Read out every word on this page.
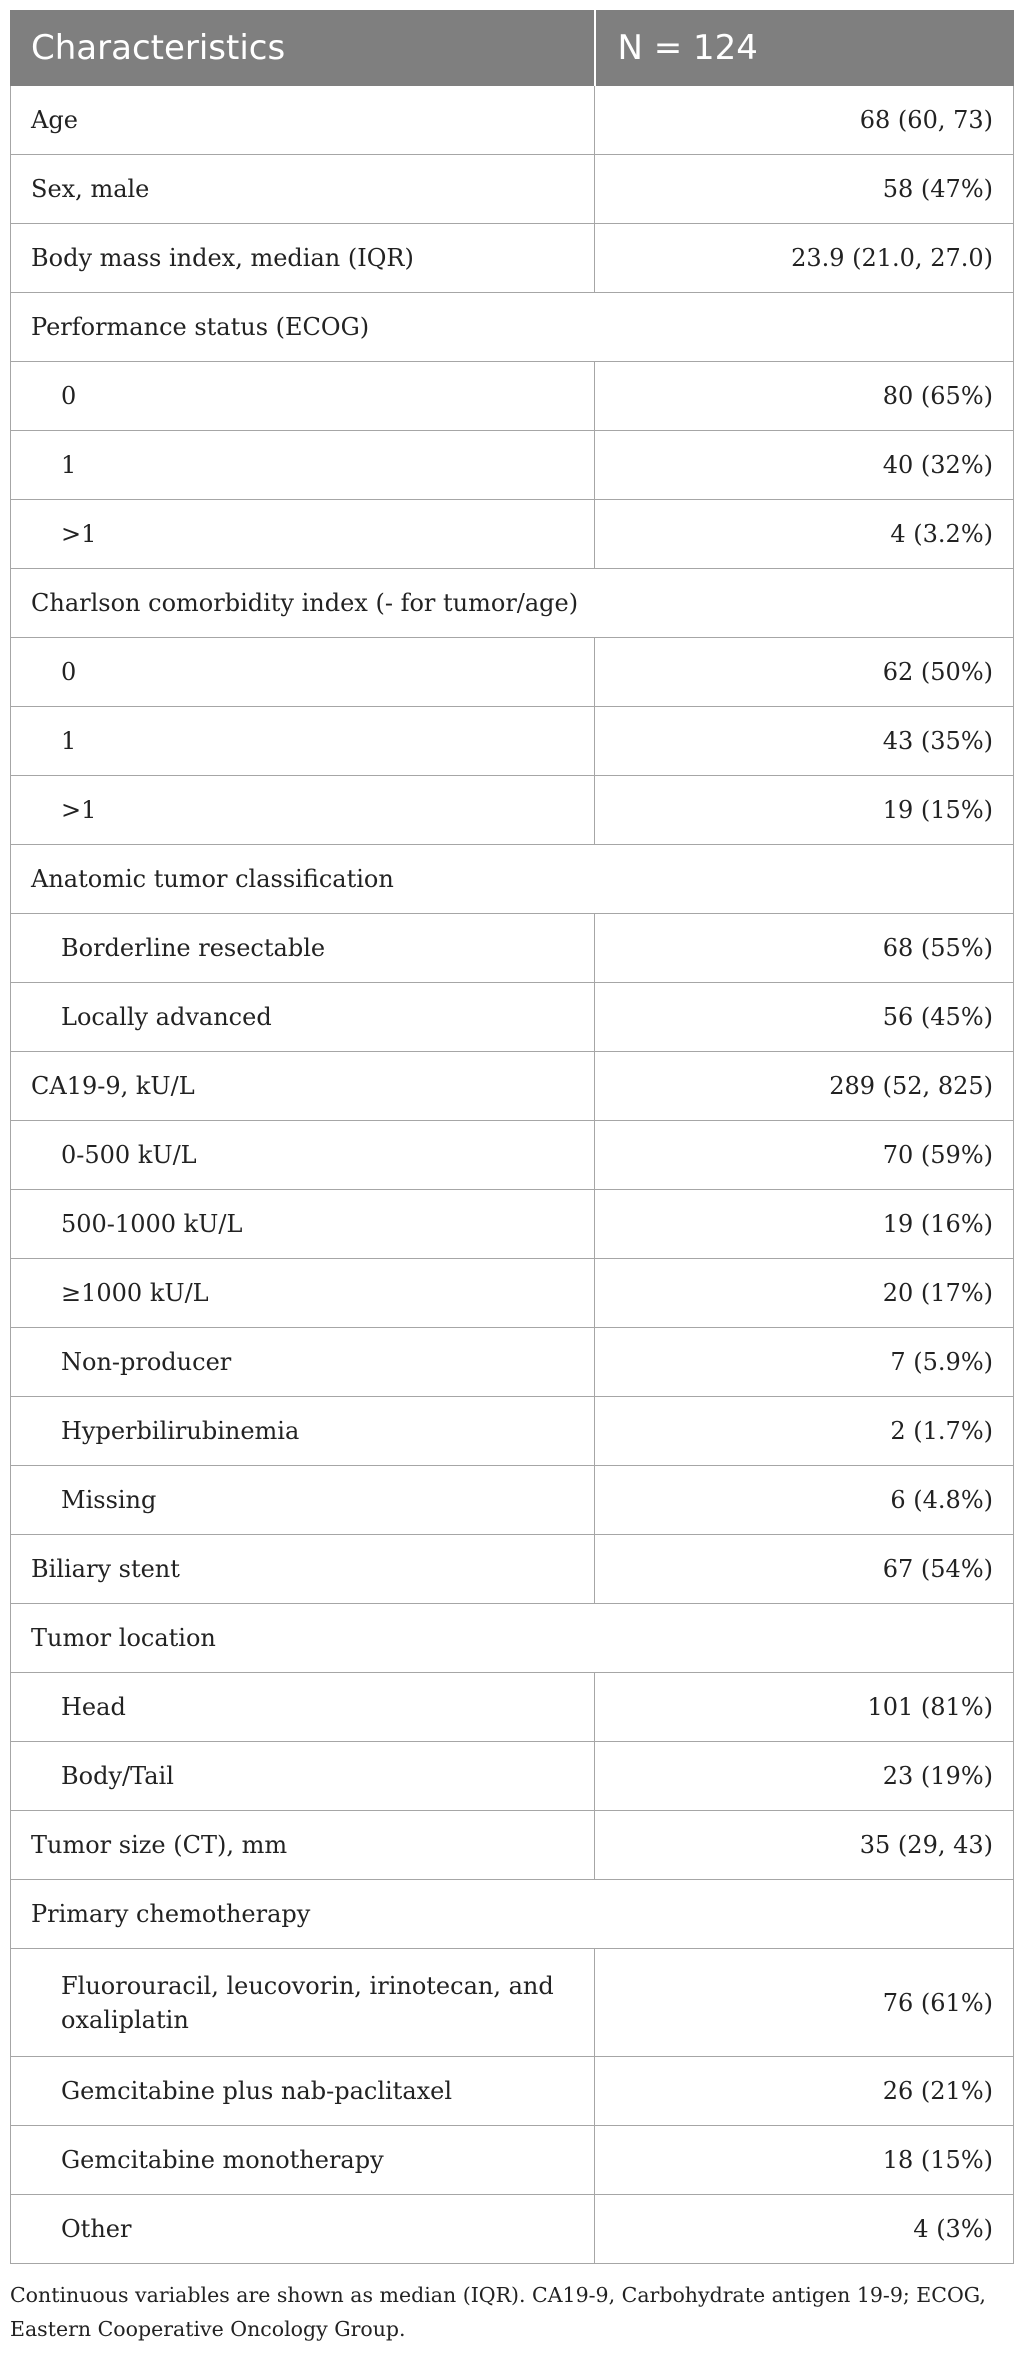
Characteristics	N = 124
Age	68 (60, 73)
Sex, male	58 (47%)
Body mass index, median (IQR)	23.9 (21.0, 27.0)
Performance status (ECOG)	
0	80 (65%)
1	40 (32%)
>1	4 (3.2%)
Charlson comorbidity index (- for tumor/age)	
0	62 (50%)
1	43 (35%)
>1	19 (15%)
Anatomic tumor classification	
Borderline resectable	68 (55%)
Locally advanced	56 (45%)
CA19-9, kU/L	289 (52, 825)
0-500 kU/L	70 (59%)
500-1000 kU/L	19 (16%)
≥1000 kU/L	20 (17%)
Non-producer	7 (5.9%)
Hyperbilirubinemia	2 (1.7%)
Missing	6 (4.8%)
Biliary stent	67 (54%)
Tumor location	
Head	101 (81%)
Body/Tail	23 (19%)
Tumor size (CT), mm	35 (29, 43)
Primary chemotherapy	

Fluorouracil, leucovorin, irinotecan, and oxaliplatin	76 (61%)
Gemcitabine plus nab-paclitaxel	26 (21%)
Gemcitabine monotherapy	18 (15%)
Other	4 (3%)
Continuous variables are shown as median (IQR). CA19-9, Carbohydrate antigen 19-9; ECOG, Eastern Cooperative Oncology Group.
